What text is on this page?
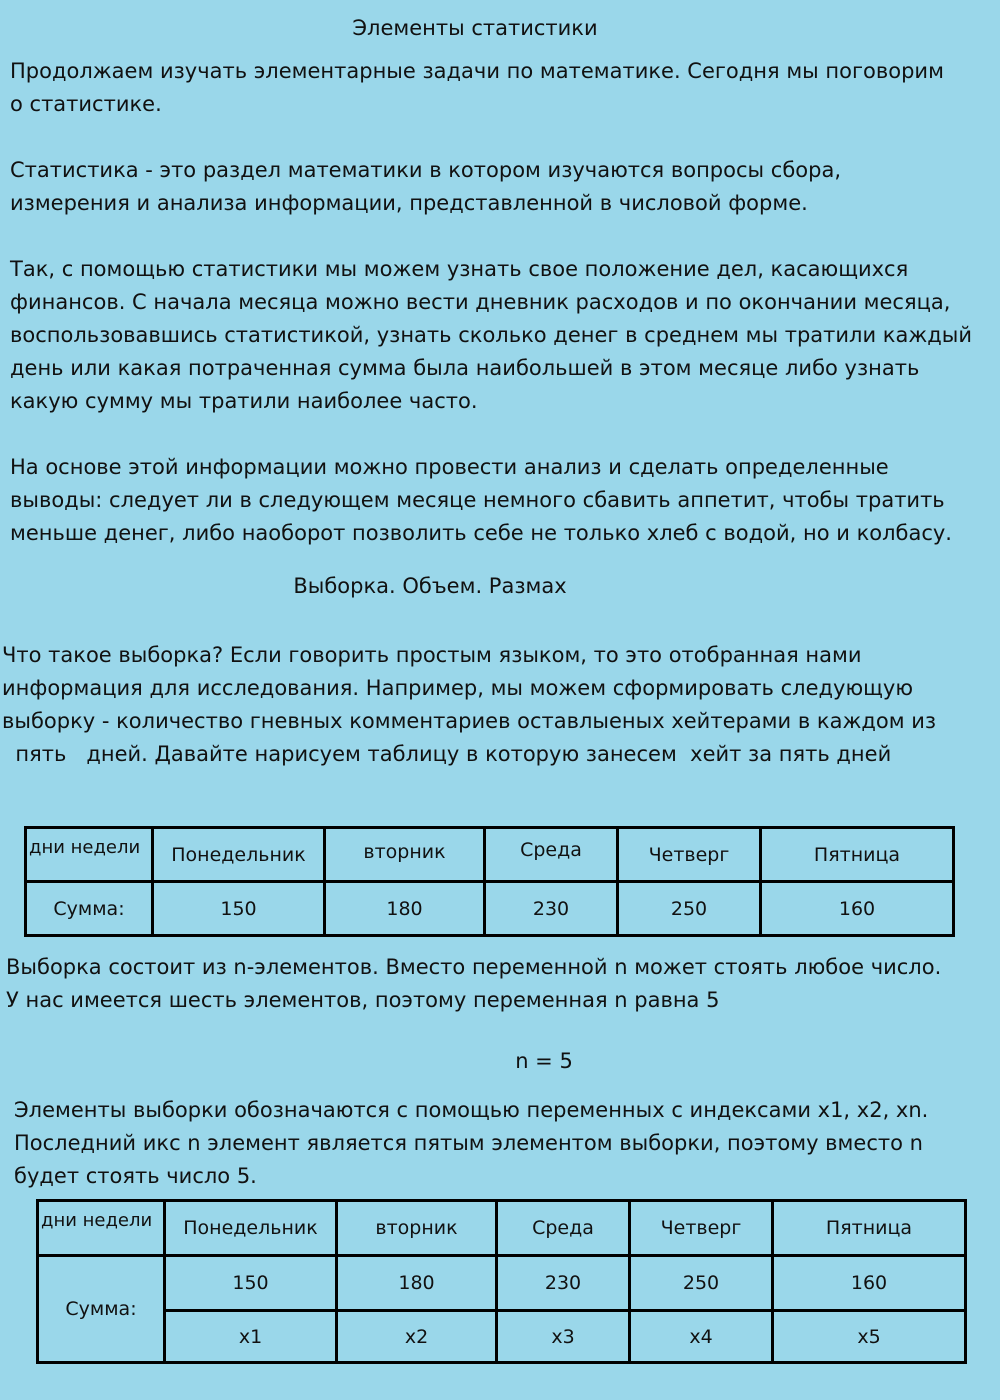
Элементы статистики
Продолжаем изучать элементарные задачи по математике. Сегодня мы поговорим
о статистике.
Статистика - это раздел математики в котором изучаются вопросы сбора,
измерения и анализа информации, представленной в числовой форме.
Так, с помощью статистики мы можем узнать свое положение дел, касающихся
финансов. С начала месяца можно вести дневник расходов и по окончании месяца,
воспользовавшись статистикой, узнать сколько денег в среднем мы тратили каждый
день или какая потраченная сумма была наибольшей в этом месяце либо узнать
какую сумму мы тратили наиболее часто.
На основе этой информации можно провести анализ и сделать определенные
выводы: следует ли в следующем месяце немного сбавить аппетит, чтобы тратить
меньше денег, либо наоборот позволить себе не только хлеб с водой, но и колбасу.
Выборка. Объем. Размах
Что такое выборка? Если говорить простым языком, то это отобранная нами
информация для исследования. Например, мы можем сформировать следующую
выборку - количество гневных комментариев оставлыеных хейтерами в каждом из
пять   дней. Давайте нарисуем таблицу в которую занесем  хейт за пять дней
дни недели	Понедельник	вторник	Среда	Четверг	Пятница
Сумма:	150	180	230	250	160
Выборка состоит из n-элементов. Вместо переменной n может стоять любое число.
У нас имеется шесть элементов, поэтому переменная n равна 5
n = 5
Элементы выборки обозначаются с помощью переменных с индексами x1, x2, xn.
Последний икс n элемент является пятым элементом выборки, поэтому вместо n
будет стоять число 5.
дни недели	Понедельник	вторник	Среда	Четверг	Пятница
Сумма:	150	180	230	250	160
	x1	x2	x3	x4	x5
